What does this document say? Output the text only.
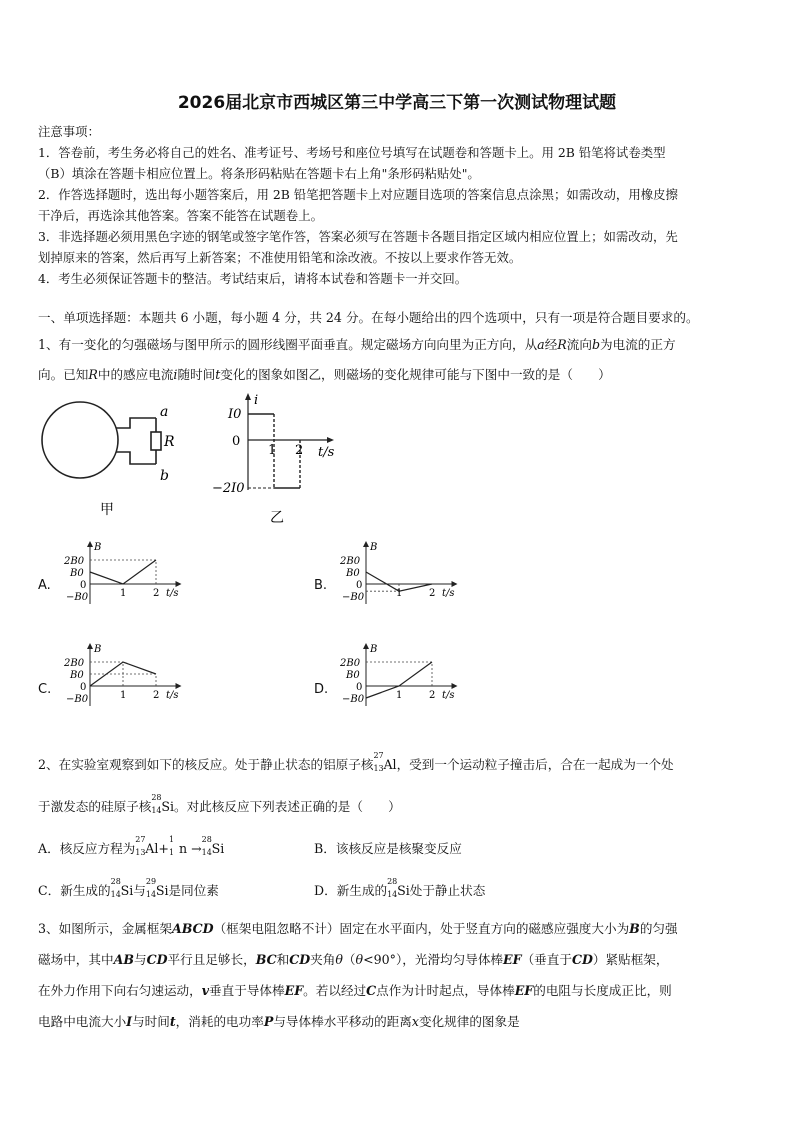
2026届北京市西城区第三中学高三下第一次测试物理试题
注意事项：
1．答卷前，考生务必将自己的姓名、准考证号、考场号和座位号填写在试题卷和答题卡上。用 2B 铅笔将试卷类型
（B）填涂在答题卡相应位置上。将条形码粘贴在答题卡右上角"条形码粘贴处"。
2．作答选择题时，选出每小题答案后，用 2B 铅笔把答题卡上对应题目选项的答案信息点涂黑；如需改动，用橡皮擦
干净后，再选涂其他答案。答案不能答在试题卷上。
3．非选择题必须用黑色字迹的钢笔或签字笔作答，答案必须写在答题卡各题目指定区域内相应位置上；如需改动，先
划掉原来的答案，然后再写上新答案；不准使用铅笔和涂改液。不按以上要求作答无效。
4．考生必须保证答题卡的整洁。考试结束后，请将本试卷和答题卡一并交回。
一、单项选择题：本题共 6 小题，每小题 4 分，共 24 分。在每小题给出的四个选项中，只有一项是符合题目要求的。
1、有一变化的匀强磁场与图甲所示的圆形线圈平面垂直。规定磁场方向向里为正方向，从a经R流向b为电流的正方
向。已知R中的感应电流i随时间t变化的图象如图乙，则磁场的变化规律可能与下图中一致的是（　　）
a
R
b
甲
i
I0
0
1 2 t/s
−2I0
乙
A.
B
2B0
B0
0
−B0	1	2 t/s
B.
B
2B0
B0
0
−B0	1	2 t/s
C.
B
2B0
B0
0
−B0	1	2 t/s	D.
B
2B0
B0
0
−B0	1	2 t/s
2、在实验室观察到如下的核反应。处于静止状态的铝原子核
27
13 Al，受到一个运动粒子撞击后，合在一起成为一个处
于激发态的硅原子核
28
14 Si。对此核反应下列表述正确的是（　　）
A．核反应方程为
27
13 Al+
1
1 n →
28
14 Si	B．该核反应是核聚变反应
C．新生成的
28
14 Si与
29
14 Si是同位素	D．新生成的
28
14 Si处于静止状态
3、如图所示，金属框架ABCD（框架电阻忽略不计）固定在水平面内，处于竖直方向的磁感应强度大小为B的匀强
磁场中，其中AB与CD平行且足够长，BC和CD夹角θ（θ<90°），光滑均匀导体棒EF（垂直于CD）紧贴框架，
在外力作用下向右匀速运动，v垂直于导体棒EF。若以经过C点作为计时起点，导体棒EF的电阻与长度成正比，则
电路中电流大小I与时间t，消耗的电功率P与导体棒水平移动的距离x变化规律的图象是
